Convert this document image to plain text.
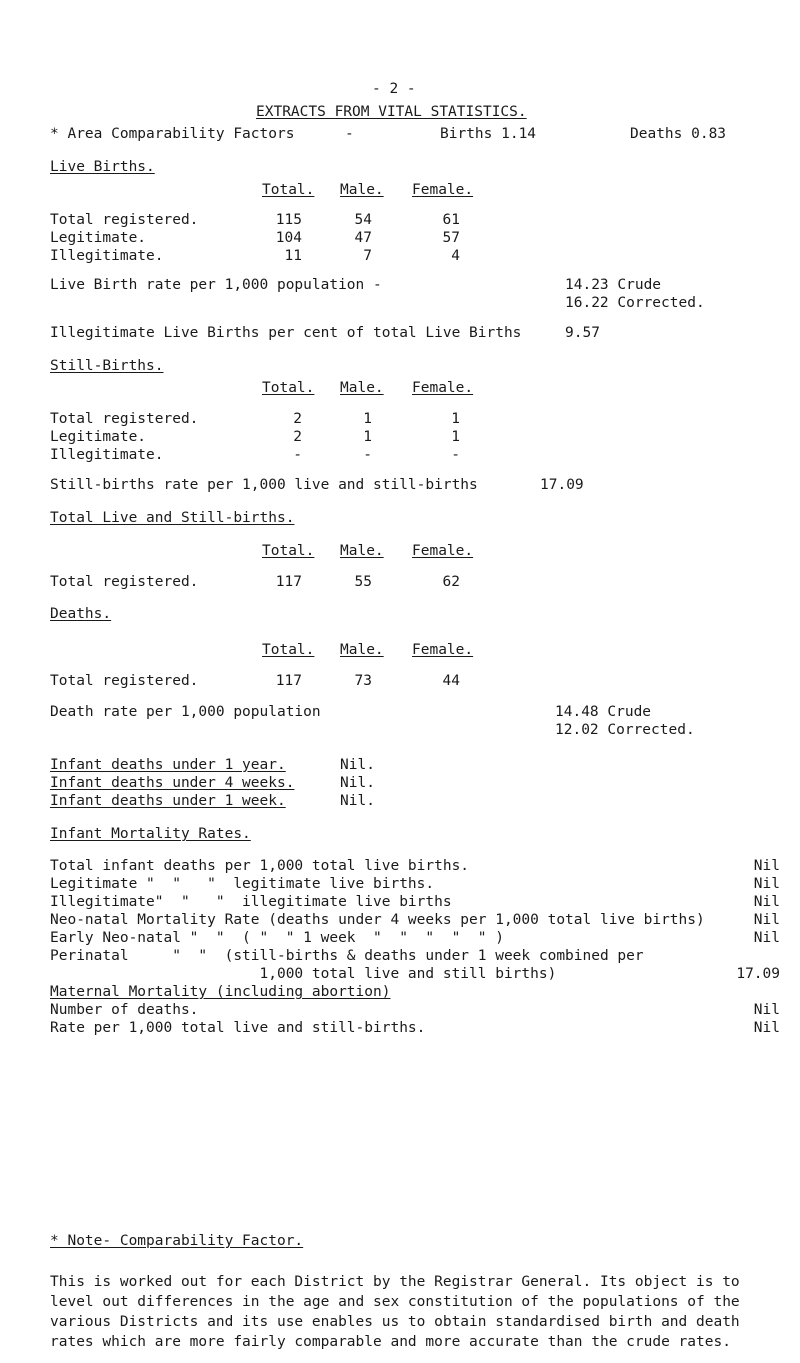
- 2 -
EXTRACTS FROM VITAL STATISTICS.
* Area Comparability Factors	-	Births 1.14	Deaths 0.83
Live Births.
Total. Male. Female.
Total registered.	115	54	61
Legitimate.	104	47	57
Illegitimate.	11	7	4
Live Birth rate per 1,000 population -	14.23 Crude
16.22 Corrected.
Illegitimate Live Births per cent of total Live Births	9.57
Still-Births.
Total. Male. Female.
Total registered.	2	1	1
Legitimate.	2	1	1
Illegitimate.	-	-	-
Still-births rate per 1,000 live and still-births	17.09
Total Live and Still-births.
Total. Male. Female.
Total registered.	117	55	62
Deaths.
Total. Male. Female.
Total registered.	117	73	44
Death rate per 1,000 population	14.48 Crude
12.02 Corrected.
Infant deaths under 1 year.	Nil.
Infant deaths under 4 weeks.	Nil.
Infant deaths under 1 week.	Nil.
Infant Mortality Rates.
Total infant deaths per 1,000 total live births.	Nil
Legitimate "  "   "  legitimate live births.	Nil
Illegitimate"  "   "  illegitimate live births	Nil
Neo-natal Mortality Rate (deaths under 4 weeks per 1,000 total live births)	Nil
Early Neo-natal "  "  ( "  " 1 week  "  "  "  "  " )	Nil
Perinatal     "  "  (still-births & deaths under 1 week combined per
1,000 total live and still births)	17.09
Maternal Mortality (including abortion)
Number of deaths.	Nil
Rate per 1,000 total live and still-births.	Nil
* Note- Comparability Factor.
This is worked out for each District by the Registrar General. Its object is to level out differences in the age and sex constitution of the populations of the various Districts and its use enables us to obtain standardised birth and death rates which are more fairly comparable and more accurate than the crude rates.
